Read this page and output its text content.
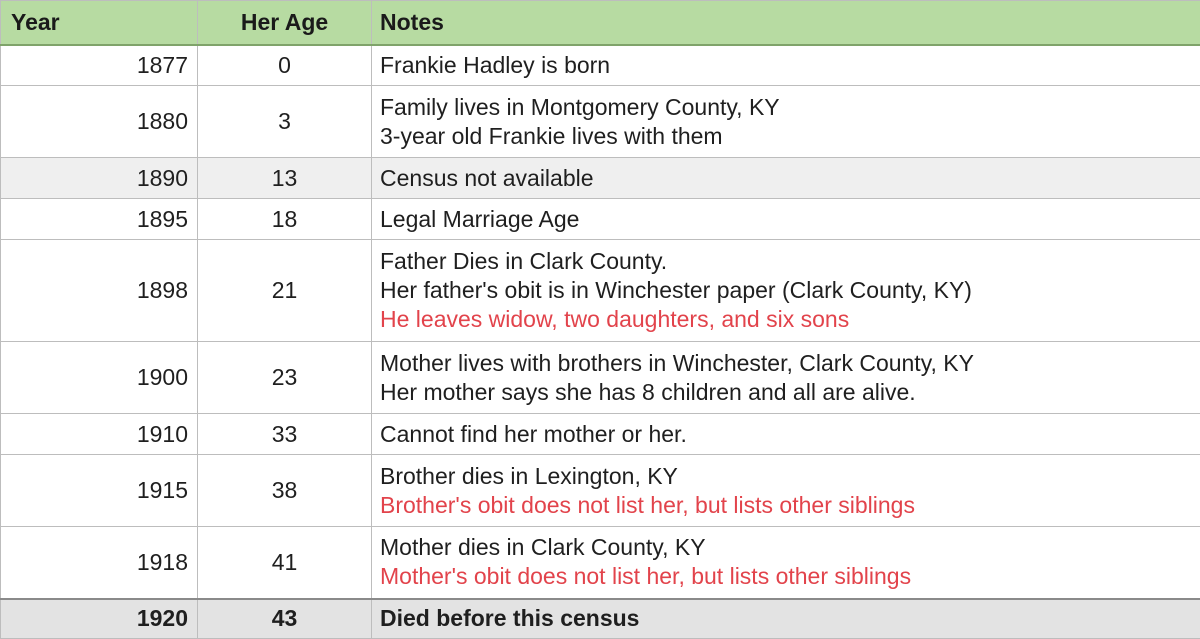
Year	Her Age	Notes
1877	0	Frankie Hadley is born

1880	3	Family lives in Montgomery County, KY
3-year old Frankie lives with them

1890	13	Census not available

1895	18	Legal Marriage Age

1898	21	Father Dies in Clark County.
Her father's obit is in Winchester paper (Clark County, KY)
He leaves widow, two daughters, and six sons

1900	23	Mother lives with brothers in Winchester, Clark County, KY
Her mother says she has 8 children and all are alive.

1910	33	Cannot find her mother or her.

1915	38	Brother dies in Lexington, KY
Brother's obit does not list her, but lists other siblings

1918	41	Mother dies in Clark County, KY
Mother's obit does not list her, but lists other siblings

1920	43	Died before this census
